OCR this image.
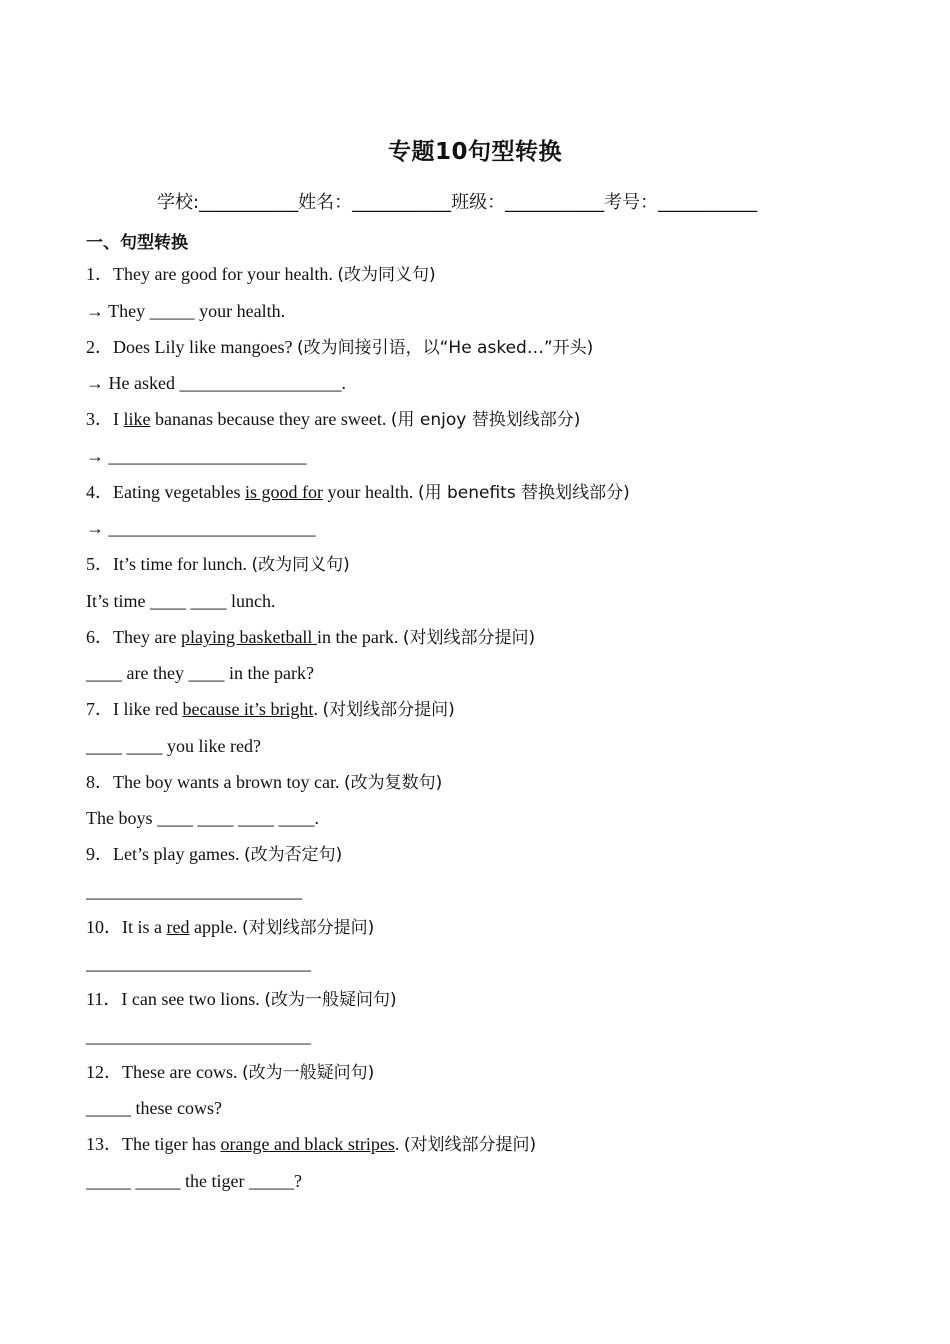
专题10句型转换
学校:___________姓名：___________班级：___________考号：___________
一、句型转换
1．They are good for your health. (改为同义句)
→ They _____ your health.
2．Does Lily like mangoes? (改为间接引语，以“He asked…”开头)
→ He asked __________________.
3．I like bananas because they are sweet. (用 enjoy 替换划线部分)
→ ______________________
4．Eating vegetables is good for your health. (用 benefits 替换划线部分)
→ _______________________
5．It’s time for lunch. (改为同义句)
It’s time ____ ____ lunch.
6．They are playing basketball in the park. (对划线部分提问)
____ are they ____ in the park?
7．I like red because it’s bright. (对划线部分提问)
____ ____ you like red?
8．The boy wants a brown toy car. (改为复数句)
The boys ____ ____ ____ ____.
9．Let’s play games. (改为否定句)
________________________
10．It is a red apple. (对划线部分提问)
_________________________
11．I can see two lions. (改为一般疑问句)
_________________________
12．These are cows. (改为一般疑问句)
_____ these cows?
13．The tiger has orange and black stripes. (对划线部分提问)
_____ _____ the tiger _____?
